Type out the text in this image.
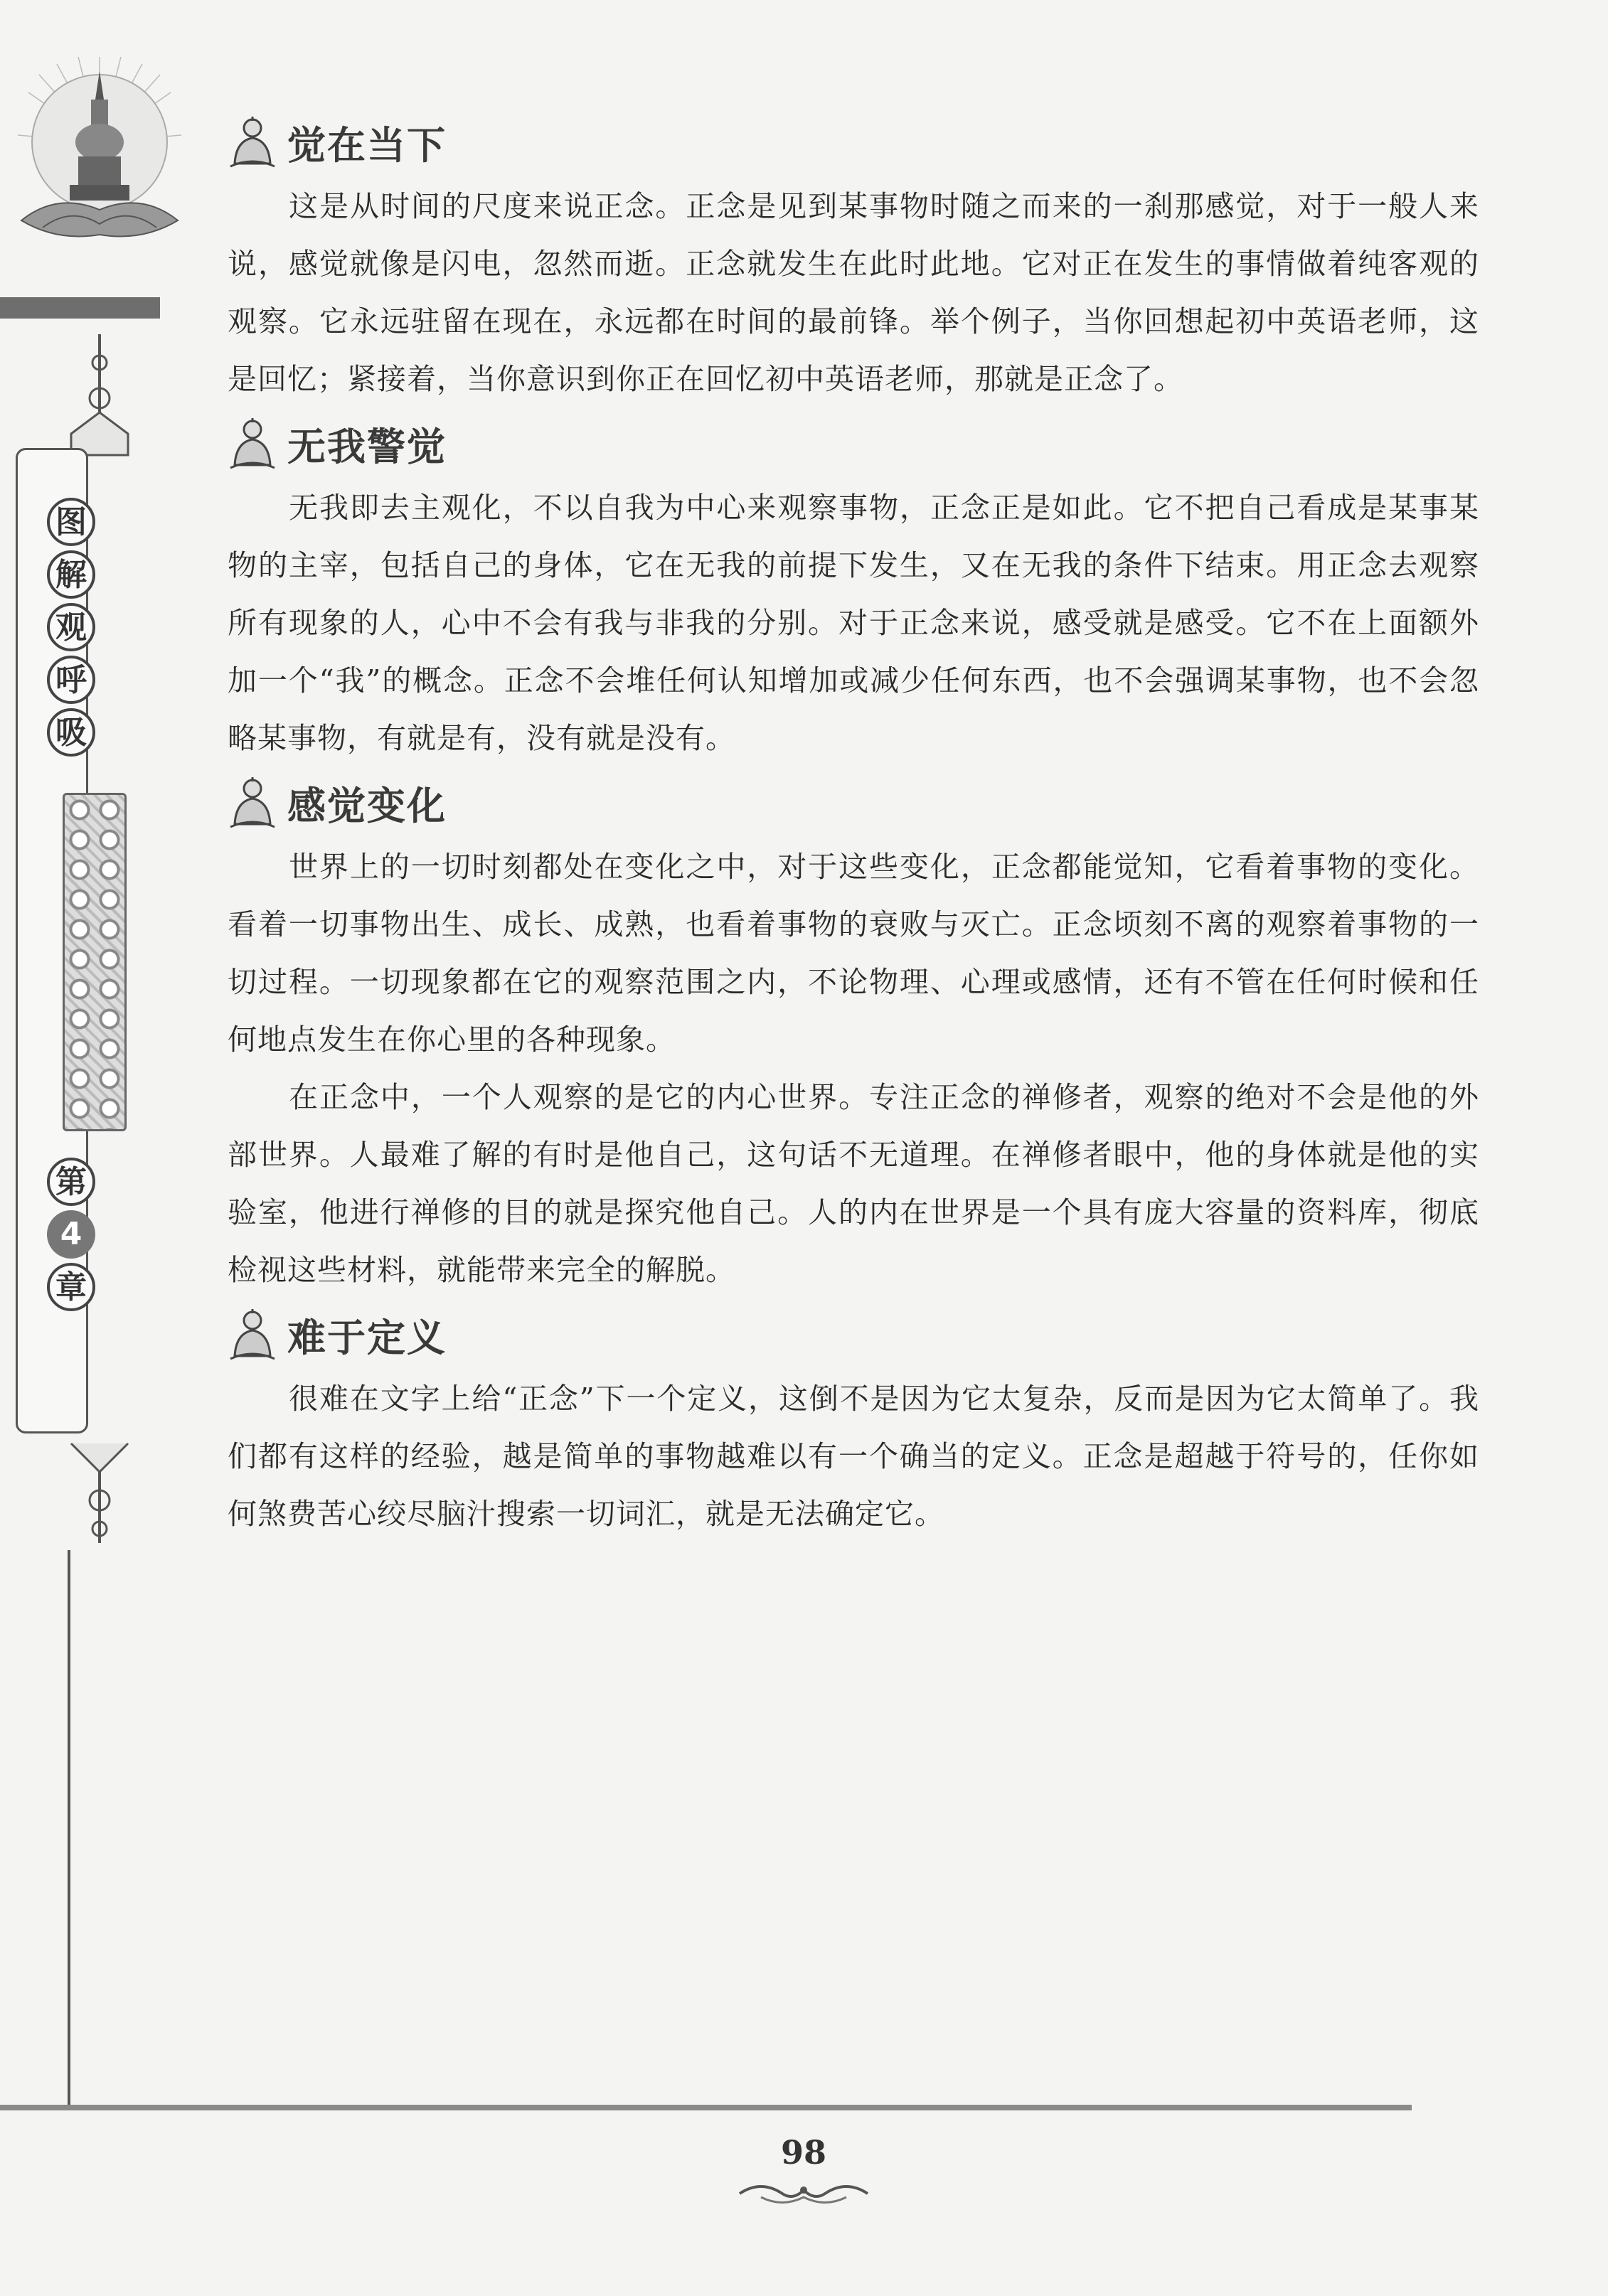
图
解
观
呼
吸
第
4
章
觉在当下

这是从时间的尺度来说正念。正念是见到某事物时随之而来的一刹那感觉，对于一般人来说，感觉就像是闪电，忽然而逝。正念就发生在此时此地。它对正在发生的事情做着纯客观的观察。它永远驻留在现在，永远都在时间的最前锋。举个例子，当你回想起初中英语老师，这是回忆；紧接着，当你意识到你正在回忆初中英语老师，那就是正念了。

无我警觉

无我即去主观化，不以自我为中心来观察事物，正念正是如此。它不把自己看成是某事某物的主宰，包括自己的身体，它在无我的前提下发生，又在无我的条件下结束。用正念去观察所有现象的人，心中不会有我与非我的分别。对于正念来说，感受就是感受。它不在上面额外加一个“我”的概念。正念不会堆任何认知增加或减少任何东西，也不会强调某事物，也不会忽略某事物，有就是有，没有就是没有。

感觉变化

世界上的一切时刻都处在变化之中，对于这些变化，正念都能觉知，它看着事物的变化。看着一切事物出生、成长、成熟，也看着事物的衰败与灭亡。正念顷刻不离的观察着事物的一切过程。一切现象都在它的观察范围之内，不论物理、心理或感情，还有不管在任何时候和任何地点发生在你心里的各种现象。

在正念中，一个人观察的是它的内心世界。专注正念的禅修者，观察的绝对不会是他的外部世界。人最难了解的有时是他自己，这句话不无道理。在禅修者眼中，他的身体就是他的实验室，他进行禅修的目的就是探究他自己。人的内在世界是一个具有庞大容量的资料库，彻底检视这些材料，就能带来完全的解脱。

难于定义

很难在文字上给“正念”下一个定义，这倒不是因为它太复杂，反而是因为它太简单了。我们都有这样的经验，越是简单的事物越难以有一个确当的定义。正念是超越于符号的，任你如何煞费苦心绞尽脑汁搜索一切词汇，就是无法确定它。

98
